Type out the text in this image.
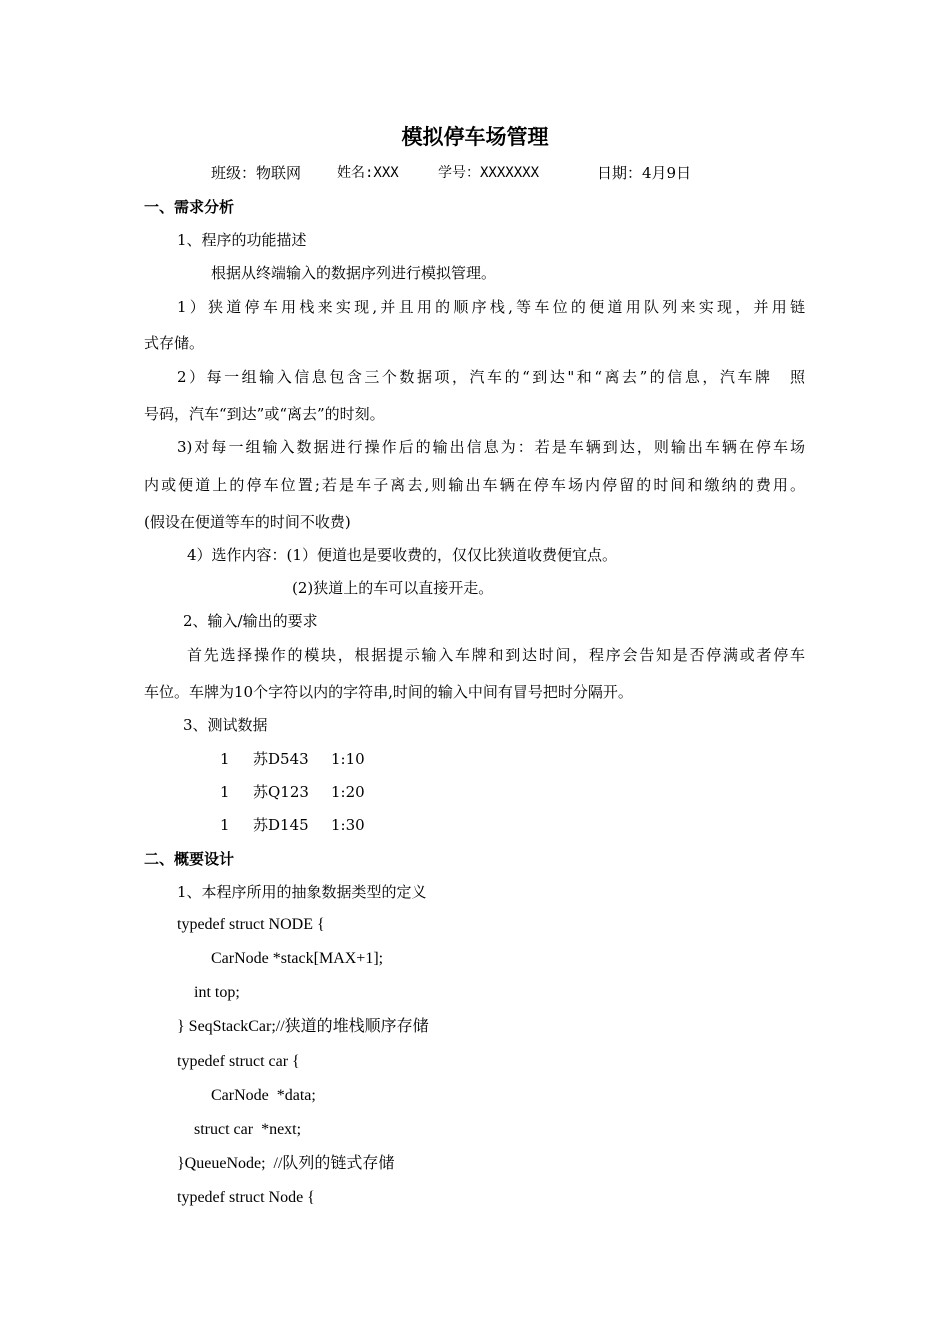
模拟停车场管理
班级：物联网	姓名:XXX	学号：XXXXXXX	日期：4月9日
一、需求分析
1、程序的功能描述
根据从终端输入的数据序列进行模拟管理。
1）狭道停车用栈来实现,并且用的顺序栈,等车位的便道用队列来实现，并用链
式存储。
2）每一组输入信息包含三个数据项，汽车的“到达"和“离去”的信息，汽车牌　照
号码，汽车“到达”或“离去”的时刻。
3)对每一组输入数据进行操作后的输出信息为：若是车辆到达，则输出车辆在停车场
内或便道上的停车位置;若是车子离去,则输出车辆在停车场内停留的时间和缴纳的费用。
(假设在便道等车的时间不收费)
4）选作内容：(1）便道也是要收费的，仅仅比狭道收费便宜点。
(2)狭道上的车可以直接开走。
2、输入/输出的要求
首先选择操作的模块，根据提示输入车牌和到达时间，程序会告知是否停满或者停车
车位。车牌为10个字符以内的字符串,时间的输入中间有冒号把时分隔开。
3、测试数据
1 苏D543 1:10
1 苏Q123 1:20
1 苏D145 1:30
二、概要设计
1、本程序所用的抽象数据类型的定义
typedef struct NODE {
CarNode *stack[MAX+1];
int top;
} SeqStackCar;//狭道的堆栈顺序存储
typedef struct car {
CarNode  *data;
struct car  *next;
}QueueNode;  //队列的链式存储
typedef struct Node {
